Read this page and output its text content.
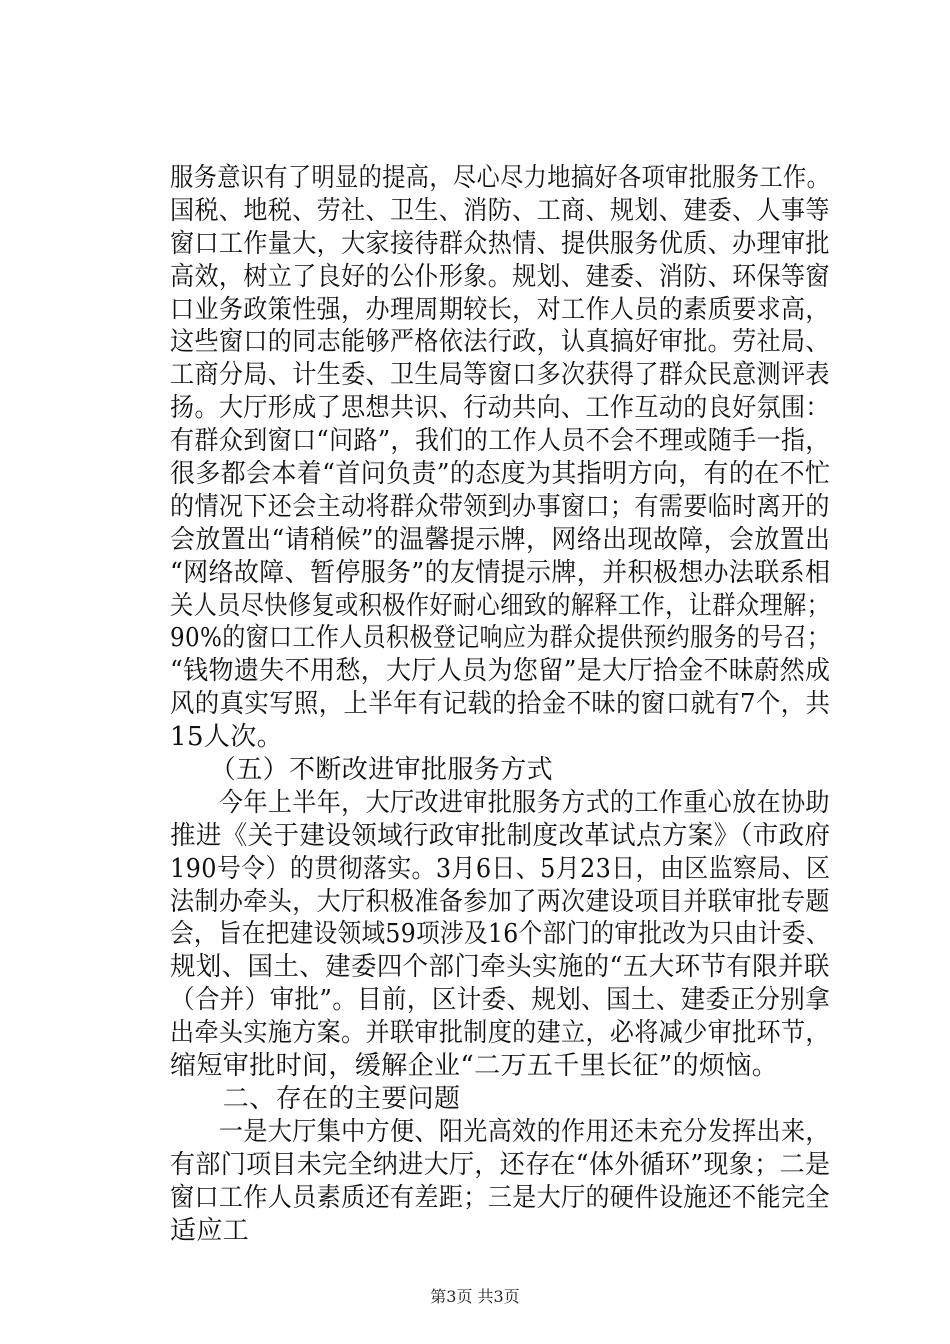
服务意识有了明显的提高，尽心尽力地搞好各项审批服务工作。
国税、地税、劳社、卫生、消防、工商、规划、建委、人事等
窗口工作量大，大家接待群众热情、提供服务优质、办理审批
高效，树立了良好的公仆形象。规划、建委、消防、环保等窗
口业务政策性强，办理周期较长，对工作人员的素质要求高，
这些窗口的同志能够严格依法行政，认真搞好审批。劳社局、
工商分局、计生委、卫生局等窗口多次获得了群众民意测评表
扬。大厅形成了思想共识、行动共向、工作互动的良好氛围：
有群众到窗口“问路”，我们的工作人员不会不理或随手一指，
很多都会本着“首问负责”的态度为其指明方向，有的在不忙
的情况下还会主动将群众带领到办事窗口；有需要临时离开的
会放置出“请稍候”的温馨提示牌，网络出现故障，会放置出
“网络故障、暂停服务”的友情提示牌，并积极想办法联系相
关人员尽快修复或积极作好耐心细致的解释工作，让群众理解；
90%的窗口工作人员积极登记响应为群众提供预约服务的号召；
“钱物遗失不用愁，大厅人员为您留”是大厅拾金不昧蔚然成
风的真实写照，上半年有记载的拾金不昧的窗口就有7个，共
15人次。
　　（五）不断改进审批服务方式
　　今年上半年，大厅改进审批服务方式的工作重心放在协助
推进《关于建设领域行政审批制度改革试点方案》（市政府
190号令）的贯彻落实。3月6日、5月23日，由区监察局、区
法制办牵头，大厅积极准备参加了两次建设项目并联审批专题
会，旨在把建设领域59项涉及16个部门的审批改为只由计委、
规划、国土、建委四个部门牵头实施的“五大环节有限并联
（合并）审批”。目前，区计委、规划、国土、建委正分别拿
出牵头实施方案。并联审批制度的建立，必将减少审批环节，
缩短审批时间，缓解企业“二万五千里长征”的烦恼。
　　二、存在的主要问题
　　一是大厅集中方便、阳光高效的作用还未充分发挥出来，
有部门项目未完全纳进大厅，还存在“体外循环”现象；二是
窗口工作人员素质还有差距；三是大厅的硬件设施还不能完全
适应工
第3页 共3页
